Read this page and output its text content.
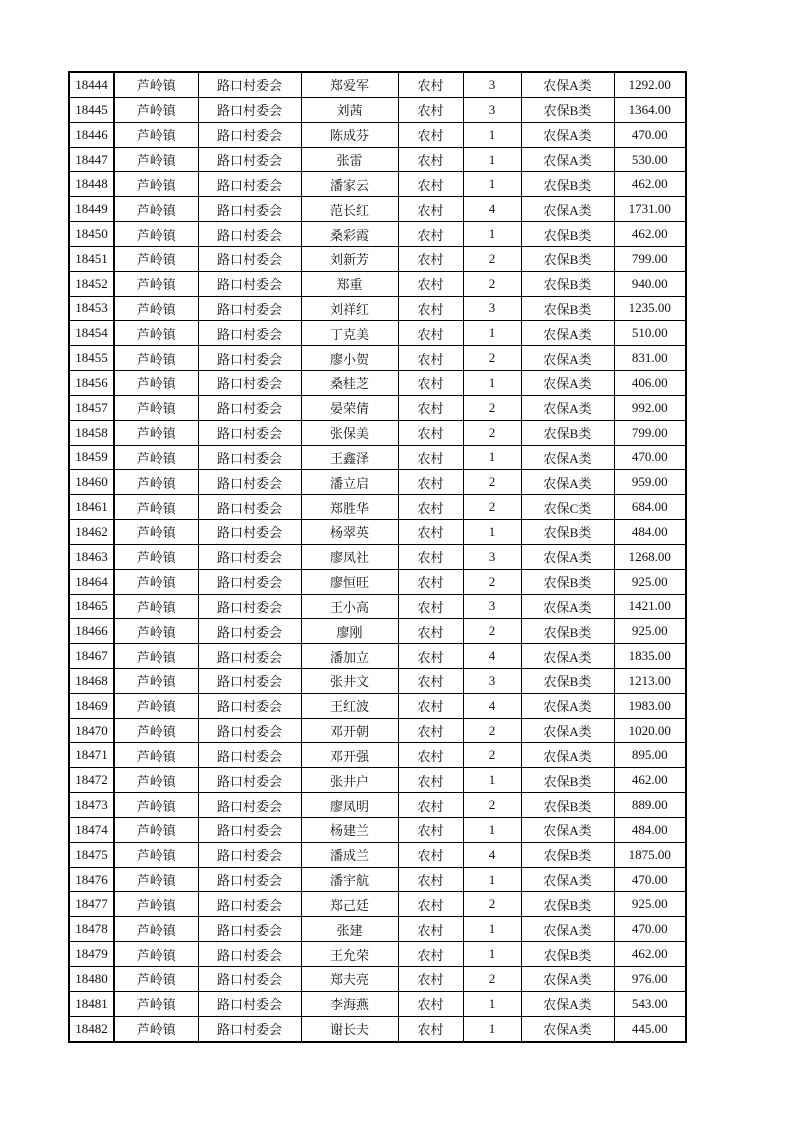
18444	芦岭镇	路口村委会	郑爱军	农村	3	农保A类	1292.00
18445	芦岭镇	路口村委会	刘茜	农村	3	农保B类	1364.00
18446	芦岭镇	路口村委会	陈成芬	农村	1	农保A类	470.00
18447	芦岭镇	路口村委会	张雷	农村	1	农保A类	530.00
18448	芦岭镇	路口村委会	潘家云	农村	1	农保B类	462.00
18449	芦岭镇	路口村委会	范长红	农村	4	农保A类	1731.00
18450	芦岭镇	路口村委会	桑彩霞	农村	1	农保B类	462.00
18451	芦岭镇	路口村委会	刘新芳	农村	2	农保B类	799.00
18452	芦岭镇	路口村委会	郑重	农村	2	农保B类	940.00
18453	芦岭镇	路口村委会	刘祥红	农村	3	农保B类	1235.00
18454	芦岭镇	路口村委会	丁克美	农村	1	农保A类	510.00
18455	芦岭镇	路口村委会	廖小贺	农村	2	农保A类	831.00
18456	芦岭镇	路口村委会	桑桂芝	农村	1	农保A类	406.00
18457	芦岭镇	路口村委会	晏荣倩	农村	2	农保A类	992.00
18458	芦岭镇	路口村委会	张保美	农村	2	农保B类	799.00
18459	芦岭镇	路口村委会	王鑫泽	农村	1	农保A类	470.00
18460	芦岭镇	路口村委会	潘立启	农村	2	农保A类	959.00
18461	芦岭镇	路口村委会	郑胜华	农村	2	农保C类	684.00
18462	芦岭镇	路口村委会	杨翠英	农村	1	农保B类	484.00
18463	芦岭镇	路口村委会	廖凤社	农村	3	农保A类	1268.00
18464	芦岭镇	路口村委会	廖恒旺	农村	2	农保B类	925.00
18465	芦岭镇	路口村委会	王小高	农村	3	农保A类	1421.00
18466	芦岭镇	路口村委会	廖刚	农村	2	农保B类	925.00
18467	芦岭镇	路口村委会	潘加立	农村	4	农保A类	1835.00
18468	芦岭镇	路口村委会	张井文	农村	3	农保B类	1213.00
18469	芦岭镇	路口村委会	王红波	农村	4	农保A类	1983.00
18470	芦岭镇	路口村委会	邓开朝	农村	2	农保A类	1020.00
18471	芦岭镇	路口村委会	邓开强	农村	2	农保A类	895.00
18472	芦岭镇	路口村委会	张井户	农村	1	农保B类	462.00
18473	芦岭镇	路口村委会	廖凤明	农村	2	农保B类	889.00
18474	芦岭镇	路口村委会	杨建兰	农村	1	农保A类	484.00
18475	芦岭镇	路口村委会	潘成兰	农村	4	农保B类	1875.00
18476	芦岭镇	路口村委会	潘宇航	农村	1	农保A类	470.00
18477	芦岭镇	路口村委会	郑己廷	农村	2	农保B类	925.00
18478	芦岭镇	路口村委会	张建	农村	1	农保A类	470.00
18479	芦岭镇	路口村委会	王允荣	农村	1	农保B类	462.00
18480	芦岭镇	路口村委会	郑夫亮	农村	2	农保A类	976.00
18481	芦岭镇	路口村委会	李海燕	农村	1	农保A类	543.00
18482	芦岭镇	路口村委会	谢长夫	农村	1	农保A类	445.00
